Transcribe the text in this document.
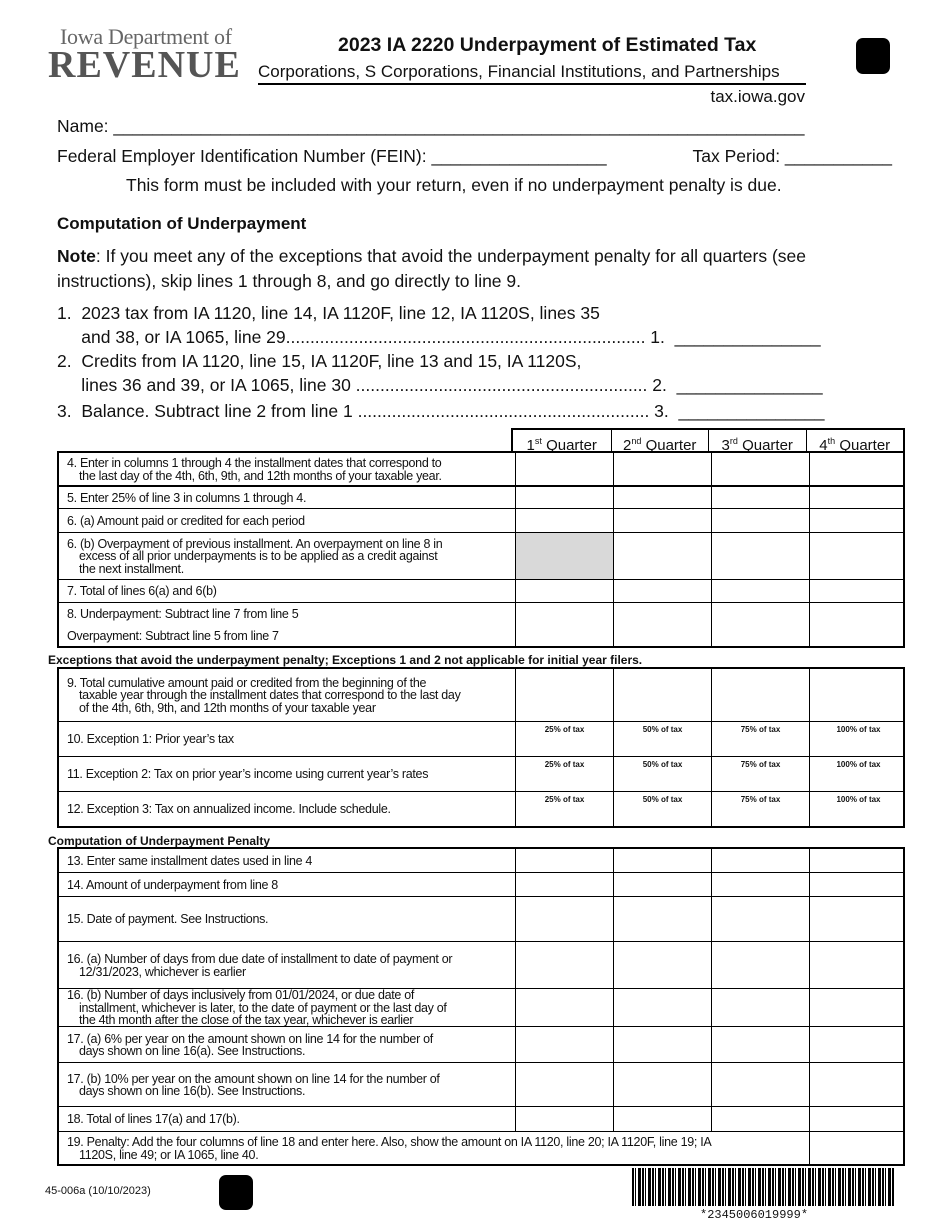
Iowa Department of
REVENUE	2023 IA 2220 Underpayment of Estimated Tax
Corporations, S Corporations, Financial Institutions, and Partnerships
tax.iowa.gov
Name: _______________________________________________________________________
Federal Employer Identification Number (FEIN): __________________	Tax Period: ___________
This form must be included with your return, even if no underpayment penalty is due.
Computation of Underpayment
Note: If you meet any of the exceptions that avoid the underpayment penalty for all quarters (see instructions), skip lines 1 through 8, and go directly to line 9.
1.  2023 tax from IA 1120, line 14, IA 1120F, line 12, IA 1120S, lines 35
and 38, or IA 1065, line 29.......................................................................... 1.  _______________
2.  Credits from IA 1120, line 15, IA 1120F, line 13 and 15, IA 1120S,
lines 36 and 39, or IA 1065, line 30 ............................................................ 2.  _______________
3.  Balance. Subtract line 2 from line 1 ............................................................ 3.  _______________
1st Quarter	2nd Quarter	3rd Quarter	4th Quarter
4. Enter in columns 1 through 4 the installment dates that correspond to
the last day of the 4th, 6th, 9th, and 12th months of your taxable year.
5. Enter 25% of line 3 in columns 1 through 4.
6. (a) Amount paid or credited for each period
6. (b) Overpayment of previous installment. An overpayment on line 8 in
excess of all prior underpayments is to be applied as a credit against
the next installment.
7. Total of lines 6(a) and 6(b)
8. Underpayment: Subtract line 7 from line 5
Overpayment: Subtract line 5 from line 7
Exceptions that avoid the underpayment penalty; Exceptions 1 and 2 not applicable for initial year filers.
9. Total cumulative amount paid or credited from the beginning of the
taxable year through the installment dates that correspond to the last day
of the 4th, 6th, 9th, and 12th months of your taxable year
10. Exception 1: Prior year’s tax
25% of tax	50% of tax	75% of tax	100% of tax
11. Exception 2: Tax on prior year’s income using current year’s rates
25% of tax	50% of tax	75% of tax	100% of tax
12. Exception 3: Tax on annualized income. Include schedule.
25% of tax	50% of tax	75% of tax	100% of tax
Computation of Underpayment Penalty
13. Enter same installment dates used in line 4
14. Amount of underpayment from line 8
15. Date of payment. See Instructions.
16. (a) Number of days from due date of installment to date of payment or
12/31/2023, whichever is earlier
16. (b) Number of days inclusively from 01/01/2024, or due date of
installment, whichever is later, to the date of payment or the last day of
the 4th month after the close of the tax year, whichever is earlier
17. (a) 6% per year on the amount shown on line 14 for the number of
days shown on line 16(a). See Instructions.
17. (b) 10% per year on the amount shown on line 14 for the number of
days shown on line 16(b). See Instructions.
18. Total of lines 17(a) and 17(b).
19. Penalty: Add the four columns of line 18 and enter here. Also, show the amount on IA 1120, line 20; IA 1120F, line 19; IA
1120S, line 49; or IA 1065, line 40.
45-006a (10/10/2023)
*2345006019999*
